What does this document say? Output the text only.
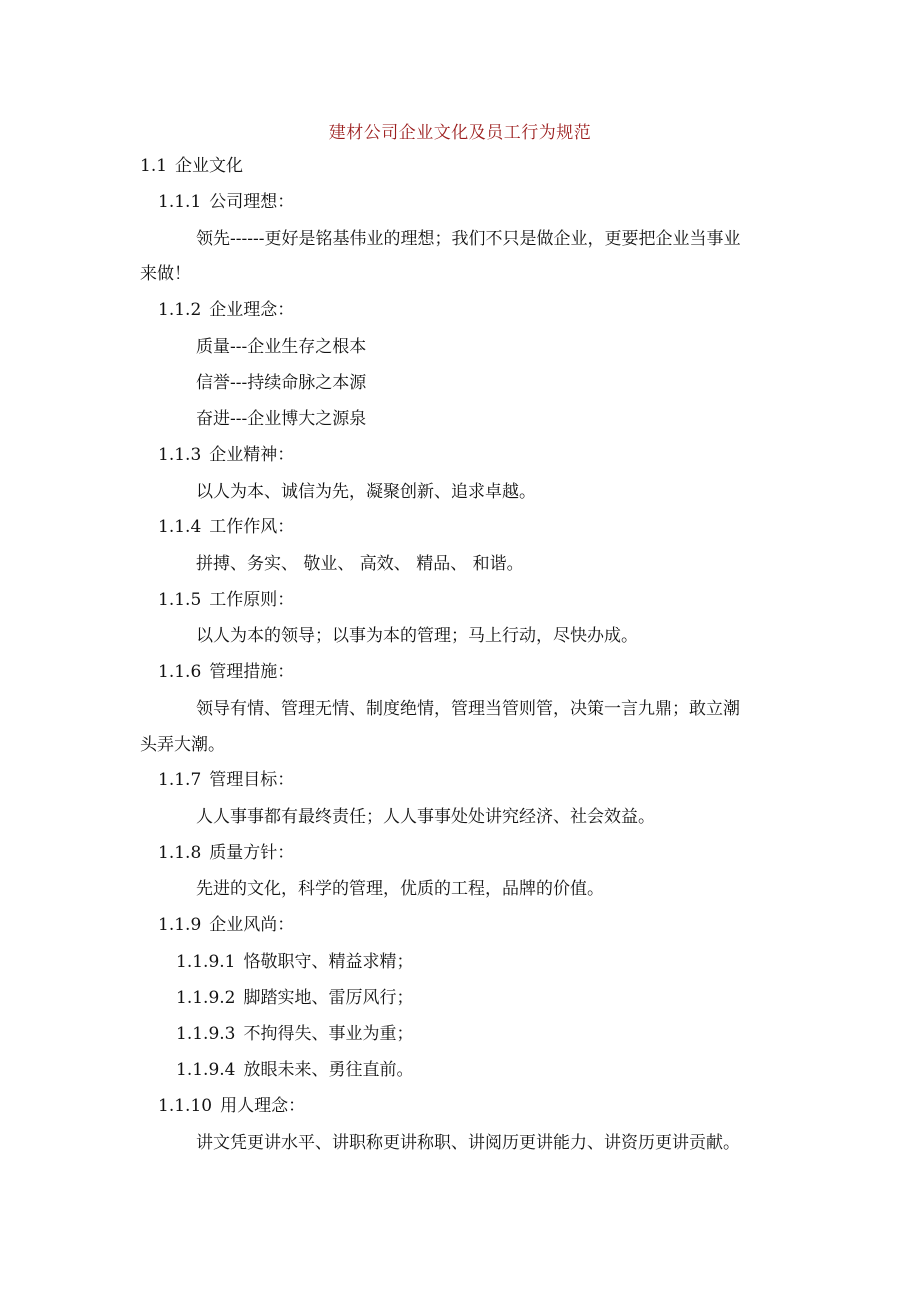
建材公司企业文化及员工行为规范
1.1 企业文化
1.1.1 公司理想：
领先------更好是铭基伟业的理想；我们不只是做企业，更要把企业当事业
来做！
1.1.2 企业理念：
质量---企业生存之根本
信誉---持续命脉之本源
奋进---企业博大之源泉
1.1.3 企业精神：
以人为本、诚信为先，凝聚创新、追求卓越。
1.1.4 工作作风：
拼搏、务实、 敬业、 高效、 精品、 和谐。
1.1.5 工作原则：
以人为本的领导；以事为本的管理；马上行动，尽快办成。
1.1.6 管理措施：
领导有情、管理无情、制度绝情，管理当管则管，决策一言九鼎；敢立潮
头弄大潮。
1.1.7 管理目标：
人人事事都有最终责任；人人事事处处讲究经济、社会效益。
1.1.8 质量方针：
先进的文化，科学的管理，优质的工程，品牌的价值。
1.1.9 企业风尚：
1.1.9.1 恪敬职守、精益求精；
1.1.9.2 脚踏实地、雷厉风行；
1.1.9.3 不拘得失、事业为重；
1.1.9.4 放眼未来、勇往直前。
1.1.10 用人理念：
讲文凭更讲水平、讲职称更讲称职、讲阅历更讲能力、讲资历更讲贡献。
